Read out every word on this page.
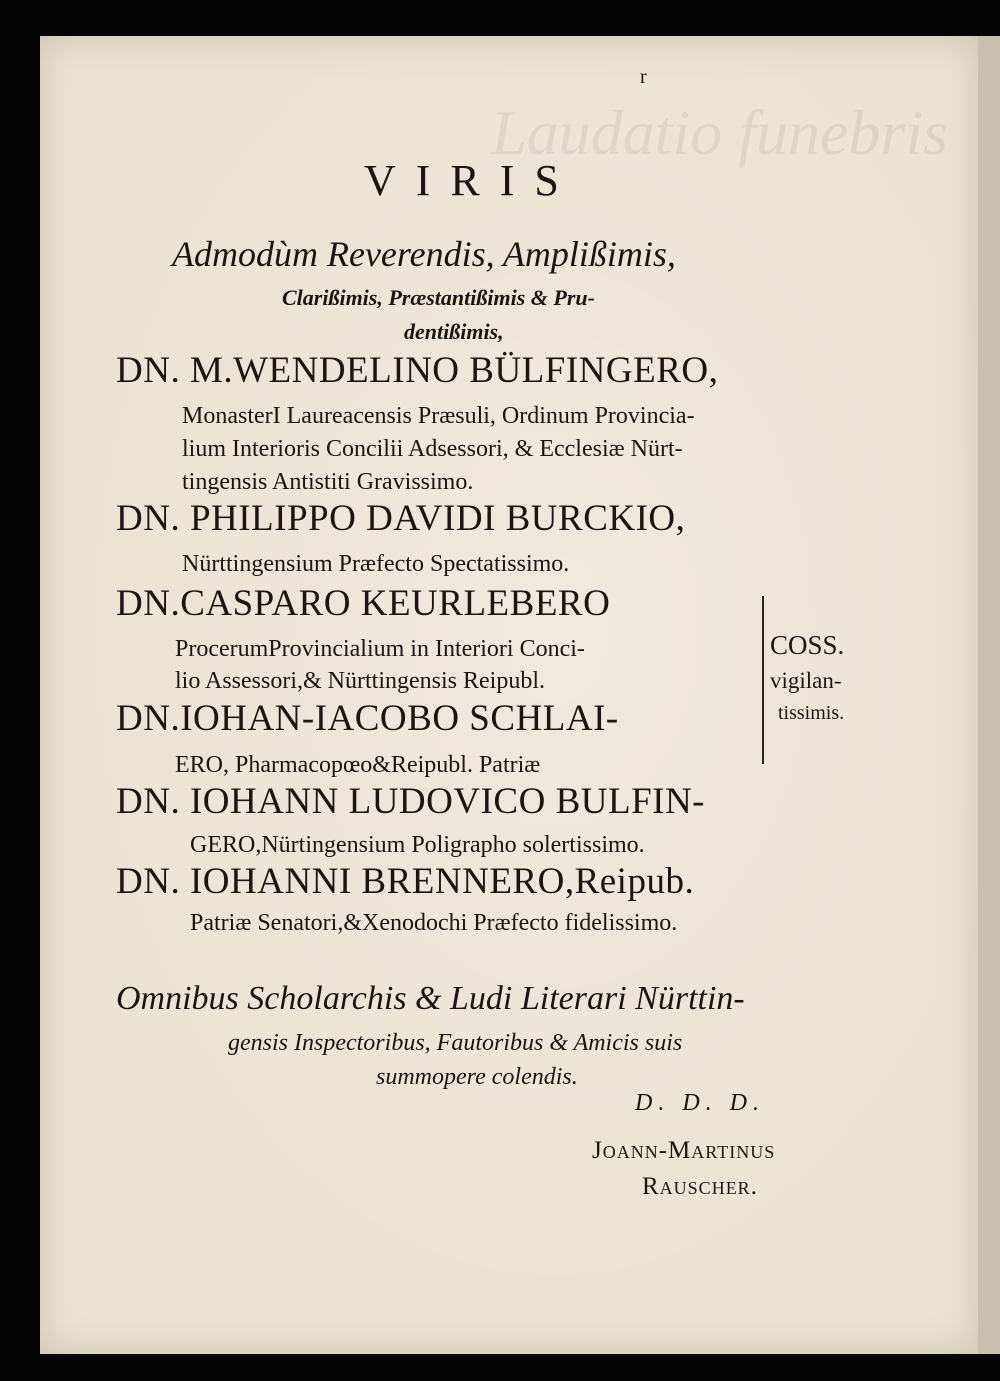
Laudatio funebris
r
VIRIS
Admodùm Reverendis, Amplißimis,
Clarißimis, Præstantißimis & Pru-
dentißimis,
DN. M.WENDELINO BÜLFINGERO,
MonasterI Laureacensis Præsuli, Ordinum Provincia-
lium Interioris Concilii Adsessori, & Ecclesiæ Nürt-
tingensis Antistiti Gravissimo.
DN. PHILIPPO DAVIDI BURCKIO,
Nürttingensium Præfecto Spectatissimo.
DN.CASPARO KEURLEBERO
ProcerumProvincialium in Interiori Conci-
lio Assessori,& Nürttingensis Reipubl.
DN.IOHAN-IACOBO SCHLAI-
ERO, Pharmacopœo&Reipubl. Patriæ
COSS.
vigilan-
tissimis.
DN. IOHANN LUDOVICO BULFIN-
GERO,Nürtingensium Poligrapho solertissimo.
DN. IOHANNI BRENNERO,Reipub.
Patriæ Senatori,&Xenodochi Præfecto fidelissimo.
Omnibus Scholarchis & Ludi Literari Nürttin-
gensis Inspectoribus, Fautoribus & Amicis suis
summopere colendis.
D. D. D.
Joann-Martinus
Rauscher.
